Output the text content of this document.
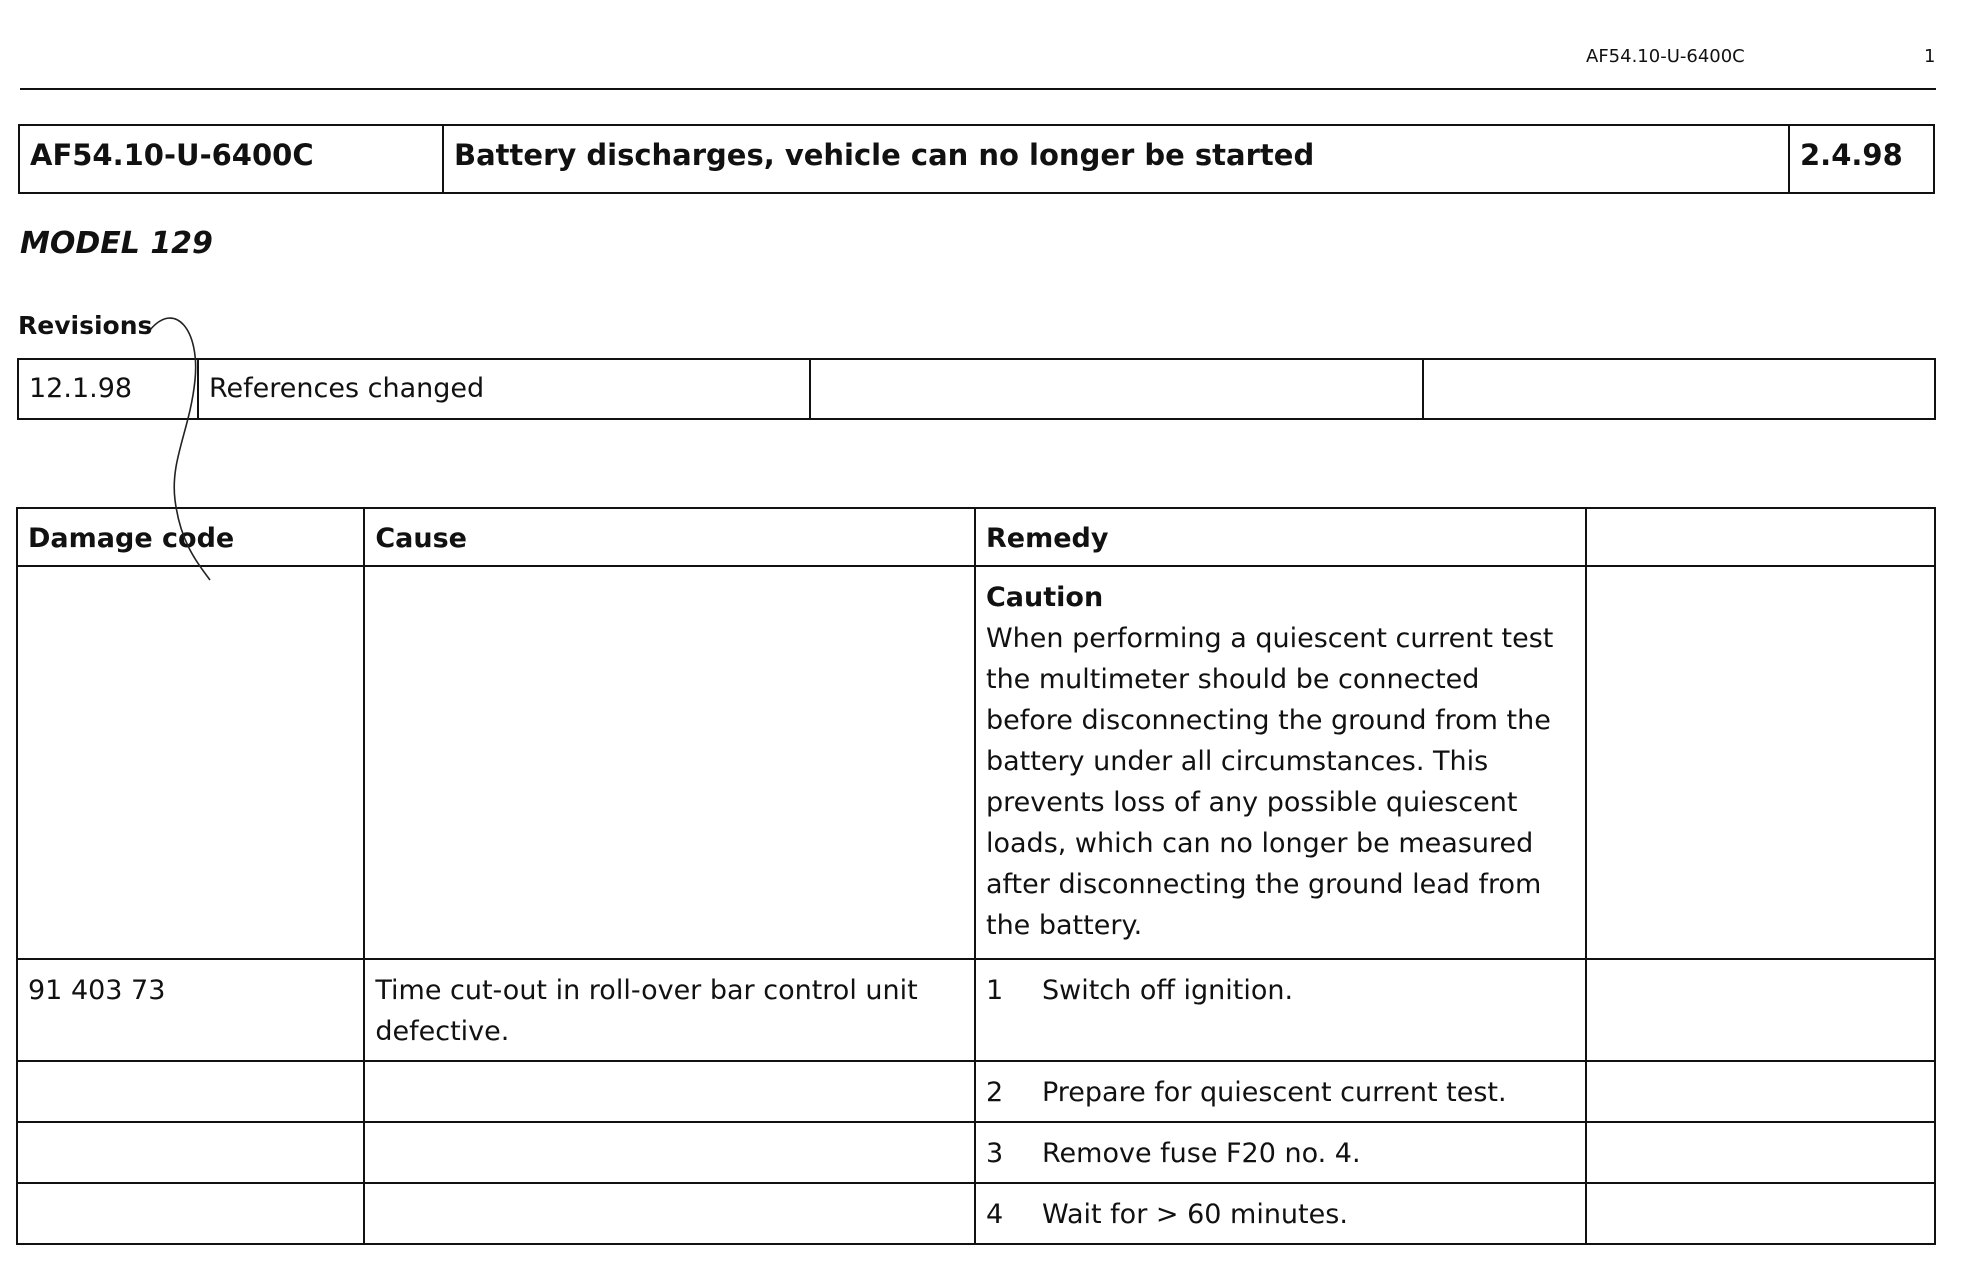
AF54.10-U-6400C	1
AF54.10-U-6400C	Battery discharges, vehicle can no longer be started	2.4.98
MODEL 129
Revisions
12.1.98	References changed		
Damage code	Cause	Remedy	

		Caution
When performing a quiescent current test the multimeter should be connected before disconnecting the ground from the battery under all circumstances. This prevents loss of any possible quiescent loads, which can no longer be measured after disconnecting the ground lead from the battery.	

91 403 73	Time cut-out in roll-over bar control unit defective.	1 Switch off ignition.	
		2 Prepare for quiescent current test.	
		3 Remove fuse F20 no. 4.	
		4 Wait for > 60 minutes.	
